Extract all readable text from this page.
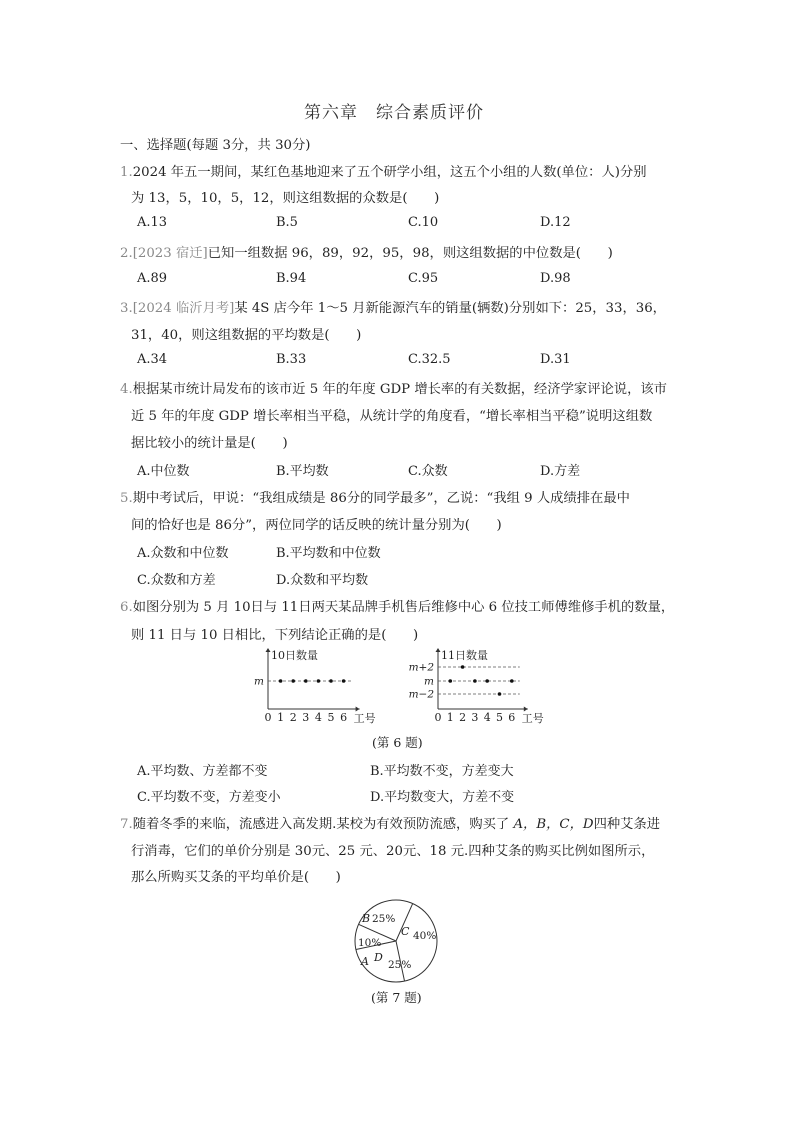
第六章　综合素质评价
一、选择题(每题 3分，共 30分)
1.2024 年五一期间，某红色基地迎来了五个研学小组，这五个小组的人数(单位：人)分别
为 13，5，10，5，12，则这组数据的众数是(　　)
A.13	B.5	C.10	D.12
2.[2023 宿迁]已知一组数据 96，89，92，95，98，则这组数据的中位数是(　　)
A.89	B.94	C.95	D.98
3.[2024 临沂月考]某 4S 店今年 1～5 月新能源汽车的销量(辆数)分别如下：25，33，36，
31，40，则这组数据的平均数是(　　)
A.34	B.33	C.32.5	D.31
4.根据某市统计局发布的该市近 5 年的年度 GDP 增长率的有关数据，经济学家评论说，该市
近 5 年的年度 GDP 增长率相当平稳，从统计学的角度看，“增长率相当平稳”说明这组数
据比较小的统计量是(　　)
A.中位数	B.平均数	C.众数	D.方差
5.期中考试后，甲说：“我组成绩是 86分的同学最多”，乙说：“我组 9 人成绩排在最中
间的恰好也是 86分”，两位同学的话反映的统计量分别为(　　)
A.众数和中位数	B.平均数和中位数
C.众数和方差	D.众数和平均数
6.如图分别为 5 月 10日与 11日两天某品牌手机售后维修中心 6 位技工师傅维修手机的数量，
则 11 日与 10 日相比，下列结论正确的是(　　)
10日数量
m
0 1 2 3 4 5 6 工号
11日数量
m−2
m
m+2
0 1 2 3 4 5 6 工号
(第 6 题)
A.平均数、方差都不变	B.平均数不变，方差变大
C.平均数不变，方差变小	D.平均数变大，方差不变
7.随着冬季的来临，流感进入高发期.某校为有效预防流感，购买了 A，B，C，D四种艾条进
行消毒，它们的单价分别是 30元、25 元、20元、18 元.四种艾条的购买比例如图所示，
那么所购买艾条的平均单价是(　　)
A
10%
B 25%
C 40%
D
25%
(第 7 题)
